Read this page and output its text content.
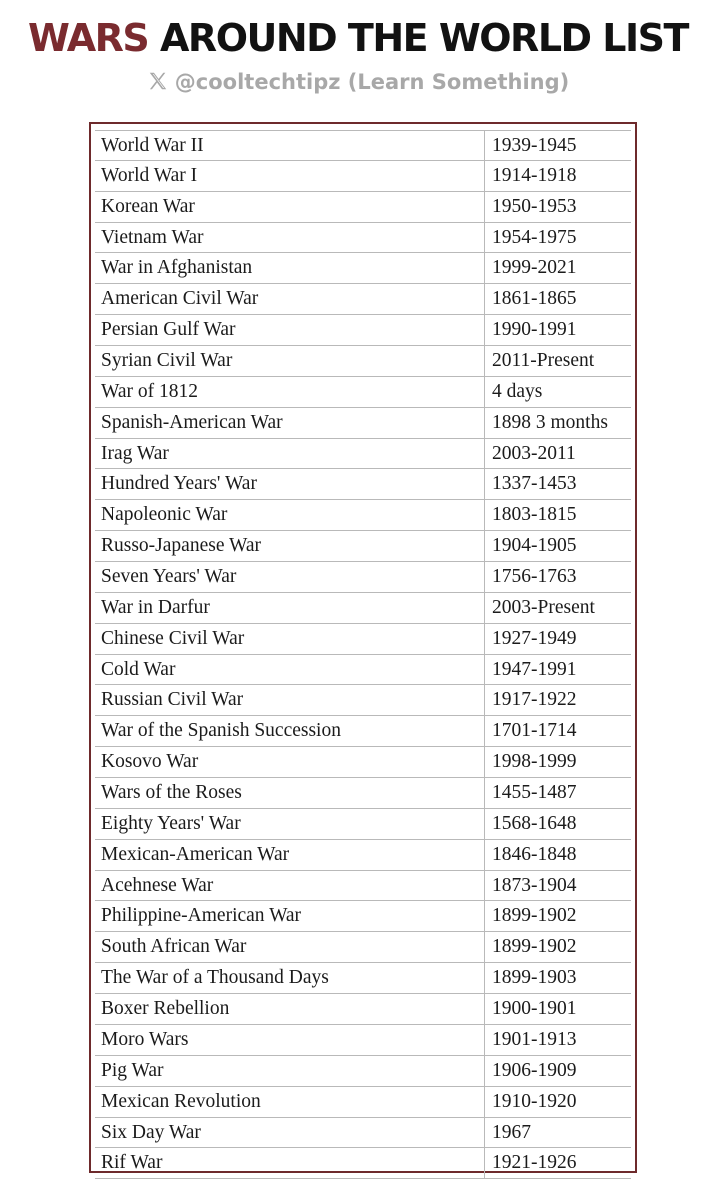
WARS AROUND THE WORLD LIST
@cooltechtipz (Learn Something)
World War II	1939-1945
World War I	1914-1918
Korean War	1950-1953
Vietnam War	1954-1975
War in Afghanistan	1999-2021
American Civil War	1861-1865
Persian Gulf War	1990-1991
Syrian Civil War	2011-Present
War of 1812	4 days
Spanish-American War	1898 3 months
Irag War	2003-2011
Hundred Years' War	1337-1453
Napoleonic War	1803-1815
Russo-Japanese War	1904-1905
Seven Years' War	1756-1763
War in Darfur	2003-Present
Chinese Civil War	1927-1949
Cold War	1947-1991
Russian Civil War	1917-1922
War of the Spanish Succession	1701-1714
Kosovo War	1998-1999
Wars of the Roses	1455-1487
Eighty Years' War	1568-1648
Mexican-American War	1846-1848
Acehnese War	1873-1904
Philippine-American War	1899-1902
South African War	1899-1902
The War of a Thousand Days	1899-1903
Boxer Rebellion	1900-1901
Moro Wars	1901-1913
Pig War	1906-1909
Mexican Revolution	1910-1920
Six Day War	1967
Rif War	1921-1926
